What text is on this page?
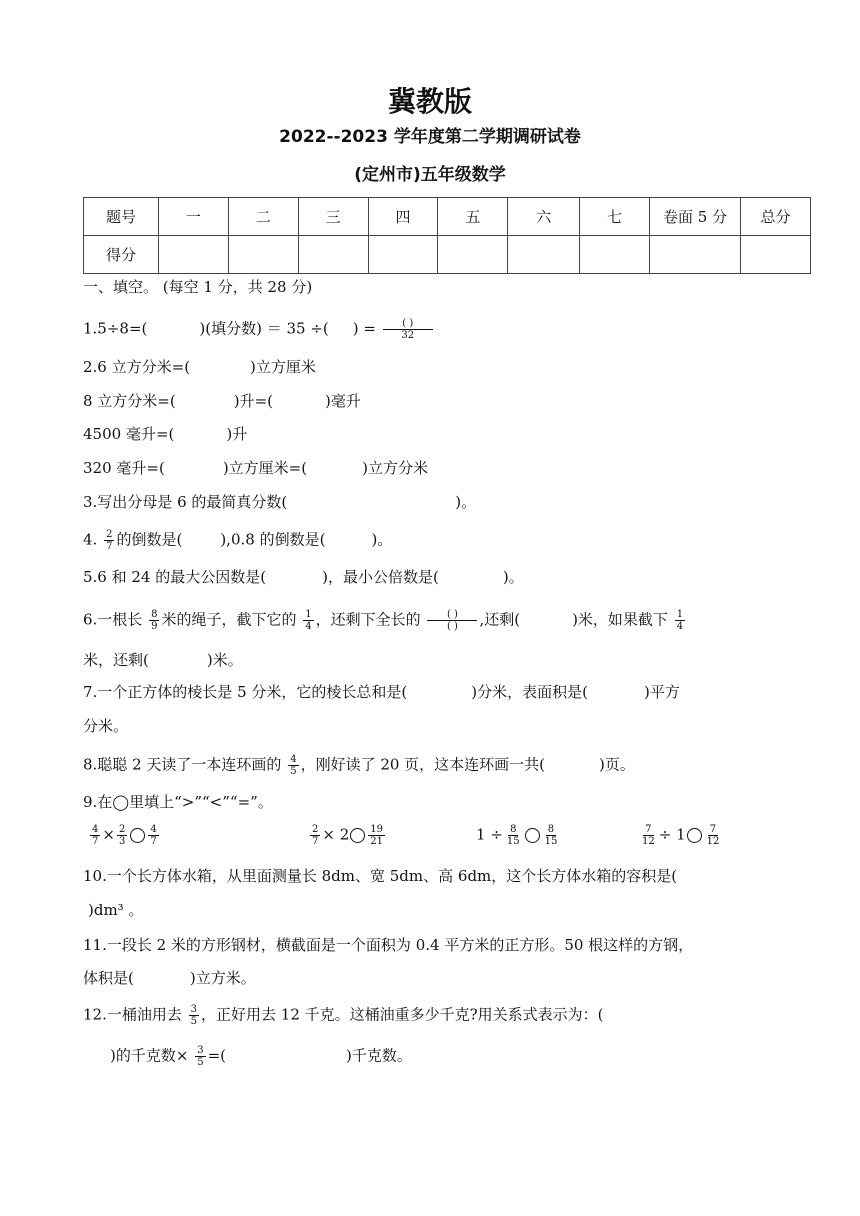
冀教版
2022--2023 学年度第二学期调研试卷
(定州市)五年级数学
题号	一	二	三	四	五	六	七	卷面 5 分	总分
得分									
一、填空。 (每空 1 分，共 28 分)
1.5÷8=(	)(填分数) ＝ 35 ÷( ) = $\frac{( )}{32}$
2.6 立方分米=(	)立方厘米
8 立方分米=(	)升=(	)毫升
4500 毫升=(	)升
320 毫升=(	)立方厘米=(	)立方分米
3.写出分母是 6 的最简真分数(	)。
4. $\frac{2}{7}$ 的倒数是(	),0.8 的倒数是(	)。
5.6 和 24 的最大公因数是(	)，最小公倍数是(	)。
6.一根长 $\frac{8}{9}$ 米的绳子，截下它的 $\frac{1}{4}$ ，还剩下全长的 $\frac{( )}{( )}$ ,还剩(	)米，如果截下 $\frac{1}{4}$
米，还剩(	)米。
7.一个正方体的棱长是 5 分米，它的棱长总和是(	)分米，表面积是(	)平方
分米。
8.聪聪 2 天读了一本连环画的 $\frac{4}{5}$ ，刚好读了 20 页，这本连环画一共(	)页。
9.在◯里填上“>”“<”“=”。
$\frac{4}{7} \times \frac{2}{3} \frac{4}{7}$	$\frac{2}{7} \times 2 \frac{19}{21}$	$1 \div \frac{8}{15} \frac{8}{15}$	$\frac{7}{12} \div 1 \frac{7}{12}$
10.一个长方体水箱，从里面测量长 8dm、宽 5dm、高 6dm，这个长方体水箱的容积是(
)dm³ 。
11.一段长 2 米的方形钢材，横截面是一个面积为 0.4 平方米的正方形。50 根这样的方钢，
体积是(	)立方米。
12.一桶油用去 $\frac{3}{5}$ ，正好用去 12 千克。这桶油重多少千克?用关系式表示为：(
)的千克数× $\frac{3}{5}$ =(	)千克数。
